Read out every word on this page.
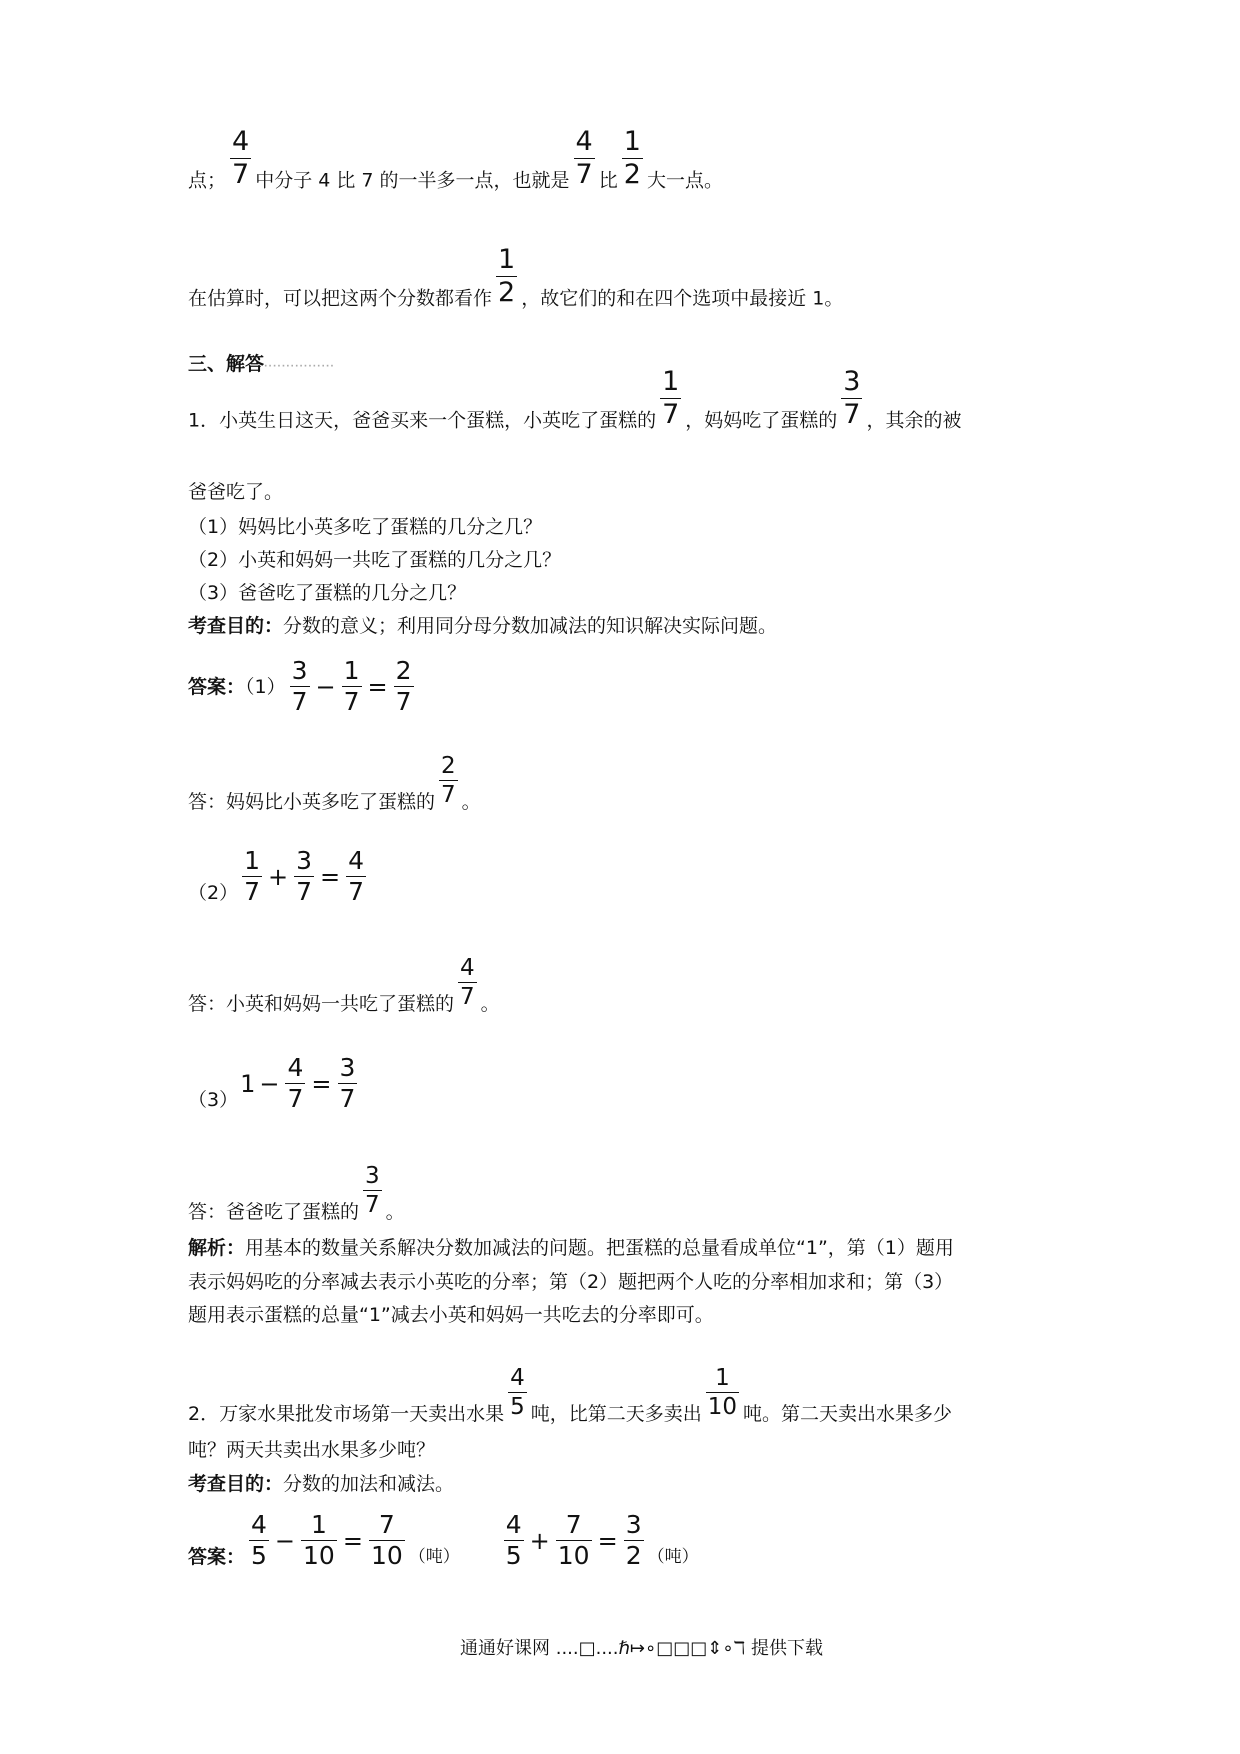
点； $\frac{4}{7}$ 中分子 4 比 7 的一半多一点，也就是 $\frac{4}{7}$ 比 $\frac{1}{2}$ 大一点。
在估算时，可以把这两个分数都看作 $\frac{1}{2}$ ，故它们的和在四个选项中最接近 1。
三、解答................
1．小英生日这天，爸爸买来一个蛋糕，小英吃了蛋糕的 $\frac{1}{7}$ ，妈妈吃了蛋糕的 $\frac{3}{7}$ ，其余的被
爸爸吃了。
（1）妈妈比小英多吃了蛋糕的几分之几？
（2）小英和妈妈一共吃了蛋糕的几分之几？
（3）爸爸吃了蛋糕的几分之几？
考查目的：分数的意义；利用同分母分数加减法的知识解决实际问题。
答案：$(1) \frac{3}{7} - \frac{1}{7} = \frac{2}{7}$
答：妈妈比小英多吃了蛋糕的 $\frac{2}{7}$ 。
$(2) \frac{1}{7} + \frac{3}{7} = \frac{4}{7}$
答：小英和妈妈一共吃了蛋糕的 $\frac{4}{7}$ 。
$(3)1 - \frac{4}{7} = \frac{3}{7}$
答：爸爸吃了蛋糕的 $\frac{3}{7}$ 。
解析：用基本的数量关系解决分数加减法的问题。把蛋糕的总量看成单位“1”，第（1）题用
表示妈妈吃的分率减去表示小英吃的分率；第（2）题把两个人吃的分率相加求和；第（3）
题用表示蛋糕的总量“1”减去小英和妈妈一共吃去的分率即可。
2．万家水果批发市场第一天卖出水果 $\frac{4}{5}$ 吨，比第二天多卖出 $\frac{1}{10}$ 吨。第二天卖出水果多少
吨？两天共卖出水果多少吨？
考查目的：分数的加法和减法。
答案： $\frac{4}{5} - \frac{1}{10} = \frac{7}{10}$ （吨） $\frac{4}{5} + \frac{7}{10} = \frac{3}{2}$ （吨）
通通好课网 ....□....ℏ↦∘□□□⇕∘ℸ 提供下载
